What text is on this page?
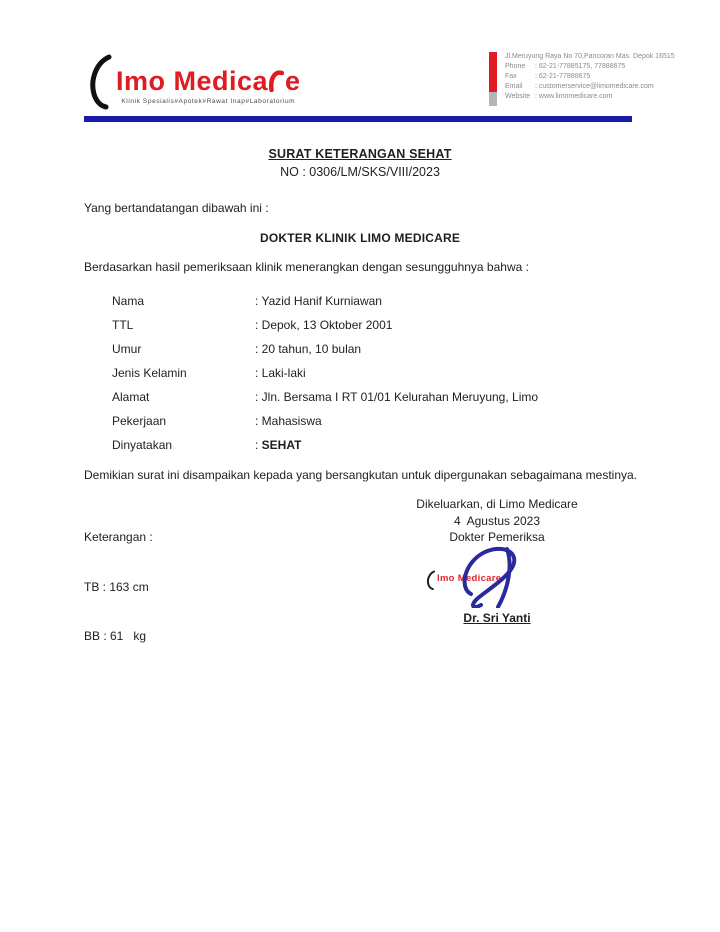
Imo Medica e
Klinik Spesialis#Apotek#Rawat Inap#Laboratorium
Jl.Meruyung Raya No 70,Pancoran Mas. Depok 16515
Phone	: 62-21-77885175, 77888675
Fax	: 62-21-77888675
Email	: customerservice@limomedicare.com
Website : www.limomedicare.com
SURAT KETERANGAN SEHAT
NO : 0306/LM/SKS/VIII/2023
Yang bertandatangan dibawah ini :
DOKTER KLINIK LIMO MEDICARE
Berdasarkan hasil pemeriksaan klinik menerangkan dengan sesungguhnya bahwa :
Nama	: Yazid Hanif Kurniawan
TTL	: Depok, 13 Oktober 2001
Umur	: 20 tahun, 10 bulan
Jenis Kelamin	: Laki-laki
Alamat	: Jln. Bersama I RT 01/01 Kelurahan Meruyung, Limo
Pekerjaan	: Mahasiswa
Dinyatakan	: SEHAT
Demikian surat ini disampaikan kepada yang bersangkutan untuk dipergunakan sebagaimana mestinya.

Keterangan :

TB : 163 cm

BB : 61   kg

Dikeluarkan, di Limo Medicare
4  Agustus 2023
Dokter Pemeriksa
Imo Medicare
Dr. Sri Yanti
